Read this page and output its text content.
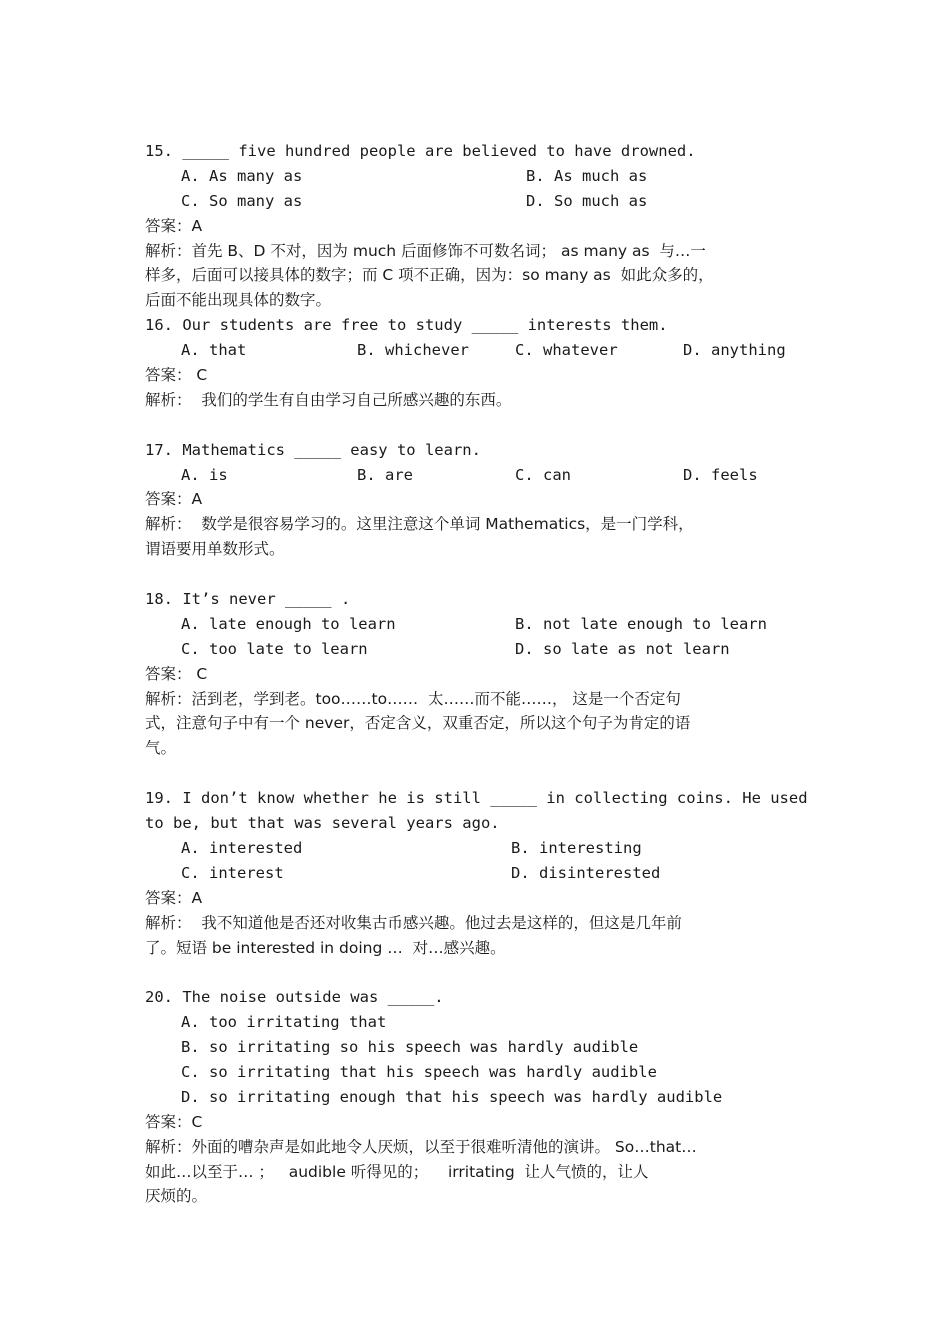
15. _____ five hundred people are believed to have drowned.
A. As many as	B. As much as
C. So many as	D. So much as
答案：A
解析：首先 B、D 不对，因为 much 后面修饰不可数名词； as many as  与…一
样多，后面可以接具体的数字；而 C 项不正确，因为：so many as  如此众多的，
后面不能出现具体的数字。
16. Our students are free to study _____ interests them.
A. that	B. whichever	C. whatever	D. anything
答案： C
解析：  我们的学生有自由学习自己所感兴趣的东西。
17. Mathematics _____ easy to learn.
A. is	B. are	C. can	D. feels
答案：A
解析：  数学是很容易学习的。这里注意这个单词 Mathematics，是一门学科，
谓语要用单数形式。
18. It’s never _____ .
A. late enough to learn	B. not late enough to learn
C. too late to learn	D. so late as not learn
答案： C
解析：活到老，学到老。too……to……  太……而不能……， 这是一个否定句
式，注意句子中有一个 never，否定含义，双重否定，所以这个句子为肯定的语
气。
19. I don’t know whether he is still _____ in collecting coins. He used
to be, but that was several years ago.
A. interested	B. interesting
C. interest	D. disinterested
答案：A
解析：  我不知道他是否还对收集古币感兴趣。他过去是这样的，但这是几年前
了。短语 be interested in doing …  对…感兴趣。
20. The noise outside was _____.
A. too irritating that
B. so irritating so his speech was hardly audible
C. so irritating that his speech was hardly audible
D. so irritating enough that his speech was hardly audible
答案：C
解析：外面的嘈杂声是如此地令人厌烦，以至于很难听清他的演讲。 So…that…
如此…以至于… ；   audible 听得见的；    irritating  让人气愤的，让人
厌烦的。
